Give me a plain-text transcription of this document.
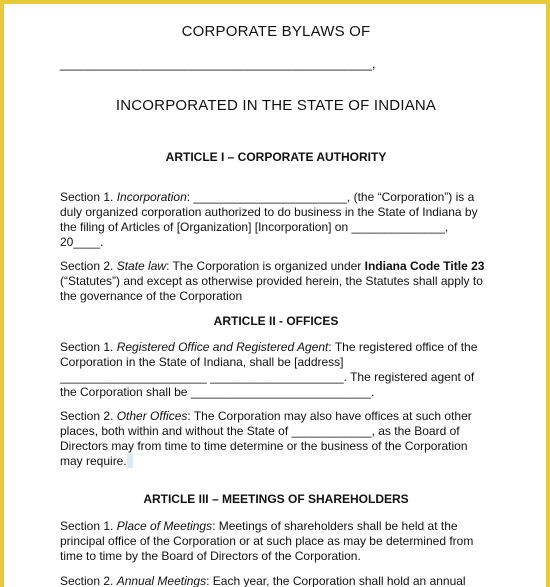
CORPORATE BYLAWS OF
_____________________________________________,
INCORPORATED IN THE STATE OF INDIANA
ARTICLE I – CORPORATE AUTHORITY
Section 1. Incorporation: _______________________, (the “Corporation”) is a
duly organized corporation authorized to do business in the State of Indiana by
the filing of Articles of [Organization] [Incorporation] on ______________,
20____.
Section 2. State law: The Corporation is organized under Indiana Code Title 23
(“Statutes”) and except as otherwise provided herein, the Statutes shall apply to
the governance of the Corporation
ARTICLE II - OFFICES
Section 1. Registered Office and Registered Agent: The registered office of the
Corporation in the State of Indiana, shall be [address]
______________________ ____________________. The registered agent of
the Corporation shall be ___________________________.
Section 2. Other Offices: The Corporation may also have offices at such other
places, both within and without the State of ____________, as the Board of
Directors may from time to time determine or the business of the Corporation
may require.
ARTICLE III – MEETINGS OF SHAREHOLDERS
Section 1. Place of Meetings: Meetings of shareholders shall be held at the
principal office of the Corporation or at such place as may be determined from
time to time by the Board of Directors of the Corporation.
Section 2. Annual Meetings: Each year, the Corporation shall hold an annual
